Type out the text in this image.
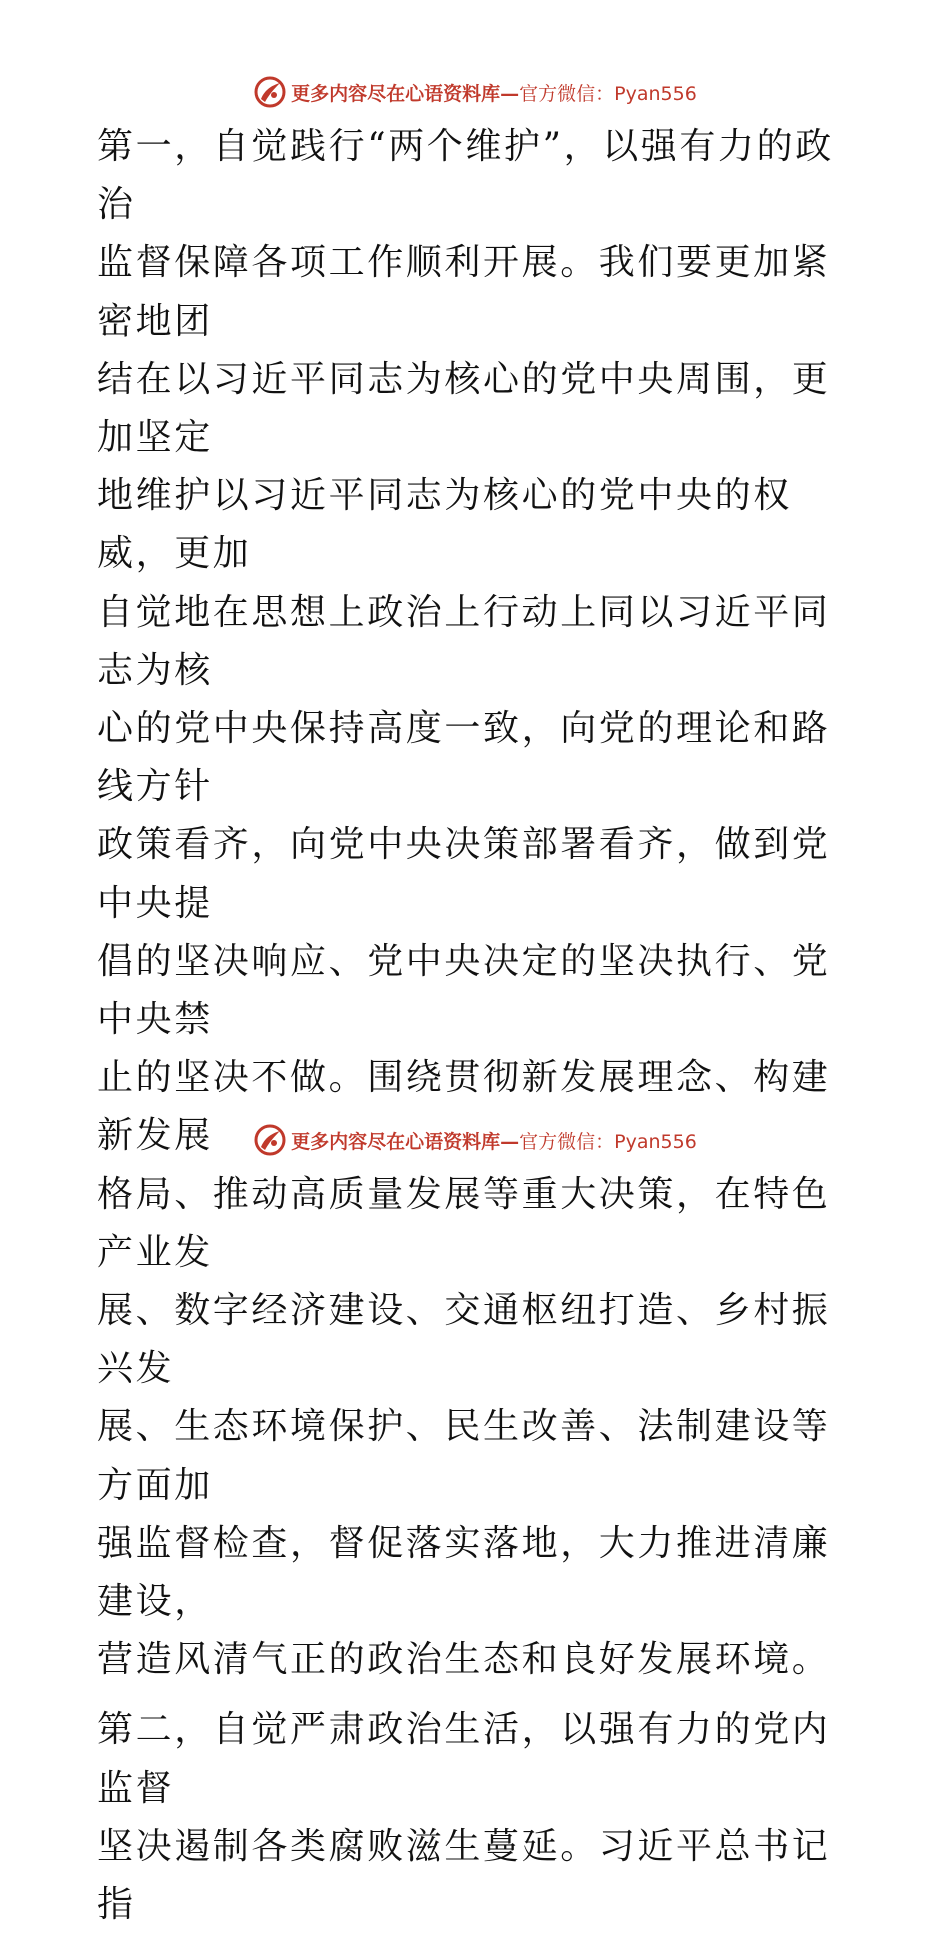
更多内容尽在心语资料库—官方微信：Pyan556

第一，自觉践行“两个维护”，以强有力的政治
监督保障各项工作顺利开展。我们要更加紧密地团
结在以习近平同志为核心的党中央周围，更加坚定
地维护以习近平同志为核心的党中央的权威，更加
自觉地在思想上政治上行动上同以习近平同志为核
心的党中央保持高度一致，向党的理论和路线方针
政策看齐，向党中央决策部署看齐，做到党中央提
倡的坚决响应、党中央决定的坚决执行、党中央禁
止的坚决不做。围绕贯彻新发展理念、构建新发展
格局、推动高质量发展等重大决策，在特色产业发
展、数字经济建设、交通枢纽打造、乡村振兴发
展、生态环境保护、民生改善、法制建设等方面加
强监督检查，督促落实落地，大力推进清廉建设，
营造风清气正的政治生态和良好发展环境。

第二，自觉严肃政治生活，以强有力的党内监督
坚决遏制各类腐败滋生蔓延。习近平总书记指

更多内容尽在心语资料库—官方微信：Pyan556
